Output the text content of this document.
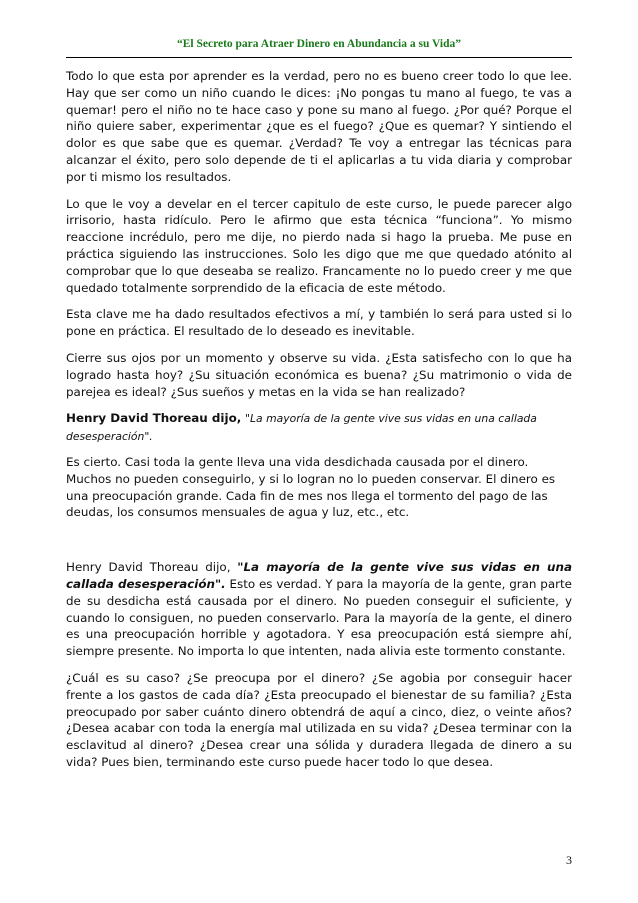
“El Secreto para Atraer Dinero en Abundancia a su Vida”

Todo lo que esta por aprender es la verdad, pero no es bueno creer todo lo que lee. Hay que ser como un niño cuando le dices: ¡No pongas tu mano al fuego, te vas a quemar! pero el niño no te hace caso y pone su mano al fuego. ¿Por qué? Porque el niño quiere saber, experimentar ¿que es el fuego? ¿Que es quemar? Y sintiendo el dolor es que sabe que es quemar. ¿Verdad? Te voy a entregar las técnicas para alcanzar el éxito, pero solo depende de ti el aplicarlas a tu vida diaria y comprobar por ti mismo los resultados.

Lo que le voy a develar en el tercer capitulo de este curso, le puede parecer algo irrisorio, hasta ridículo. Pero le afirmo que esta técnica “funciona”. Yo mismo reaccione incrédulo, pero me dije, no pierdo nada si hago la prueba. Me puse en práctica siguiendo las instrucciones. Solo les digo que me que quedado atónito al comprobar que lo que deseaba se realizo. Francamente no lo puedo creer y me que quedado totalmente sorprendido de la eficacia de este método.

Esta clave me ha dado resultados efectivos a mí, y también lo será para usted si lo pone en práctica. El resultado de lo deseado es inevitable.

Cierre sus ojos por un momento y observe su vida. ¿Esta satisfecho con lo que ha logrado hasta hoy? ¿Su situación económica es buena? ¿Su matrimonio o vida de parejea es ideal? ¿Sus sueños y metas en la vida se han realizado?

Henry David Thoreau dijo, "La mayoría de la gente vive sus vidas en una callada desesperación".

Es cierto. Casi toda la gente lleva una vida desdichada causada por el dinero. Muchos no pueden conseguirlo, y si lo logran no lo pueden conservar. El dinero es una preocupación grande. Cada fin de mes nos llega el tormento del pago de las deudas, los consumos mensuales de agua y luz, etc., etc.

Henry David Thoreau dijo, "La mayoría de la gente vive sus vidas en una callada desesperación". Esto es verdad. Y para la mayoría de la gente, gran parte de su desdicha está causada por el dinero. No pueden conseguir el suficiente, y cuando lo consiguen, no pueden conservarlo. Para la mayoría de la gente, el dinero es una preocupación horrible y agotadora. Y esa preocupación está siempre ahí, siempre presente. No importa lo que intenten, nada alivia este tormento constante.

¿Cuál es su caso? ¿Se preocupa por el dinero? ¿Se agobia por conseguir hacer frente a los gastos de cada día? ¿Esta preocupado el bienestar de su familia? ¿Esta preocupado por saber cuánto dinero obtendrá de aquí a cinco, diez, o veinte años? ¿Desea acabar con toda la energía mal utilizada en su vida? ¿Desea terminar con la esclavitud al dinero? ¿Desea crear una sólida y duradera llegada de dinero a su vida? Pues bien, terminando este curso puede hacer todo lo que desea.

3
